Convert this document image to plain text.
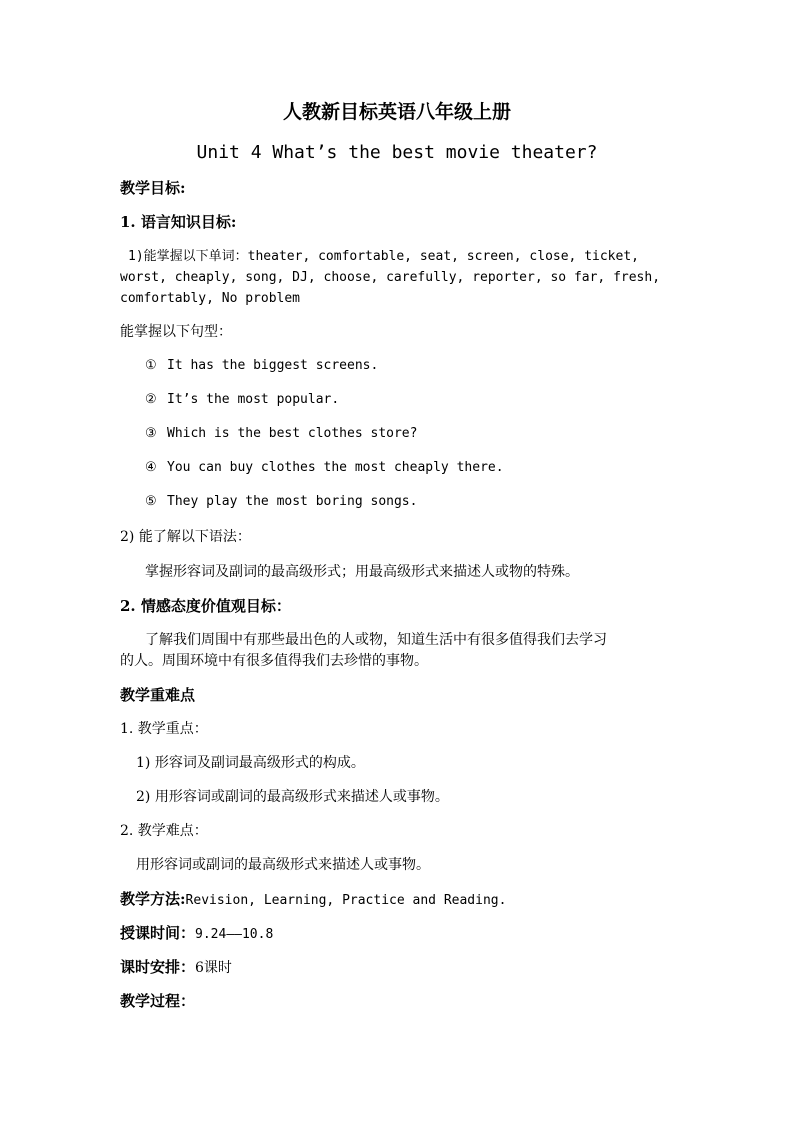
人教新目标英语八年级上册
Unit 4 What’s the best movie theater?
教学目标:
1. 语言知识目标:
1)能掌握以下单词：theater, comfortable, seat, screen, close, ticket,
worst, cheaply, song, DJ, choose, carefully, reporter, so far, fresh,
comfortably, No problem
能掌握以下句型：
① It has the biggest screens.
② It’s the most popular.
③ Which is the best clothes store?
④ You can buy clothes the most cheaply there.
⑤ They play the most boring songs.
2) 能了解以下语法：
掌握形容词及副词的最高级形式；用最高级形式来描述人或物的特殊。
2. 情感态度价值观目标：
了解我们周围中有那些最出色的人或物，知道生活中有很多值得我们去学习
的人。周围环境中有很多值得我们去珍惜的事物。
教学重难点
1. 教学重点：
1) 形容词及副词最高级形式的构成。
2) 用形容词或副词的最高级形式来描述人或事物。
2. 教学难点：
用形容词或副词的最高级形式来描述人或事物。
教学方法:Revision, Learning, Practice and Reading.
授课时间：9.24——10.8
课时安排：6课时
教学过程：
